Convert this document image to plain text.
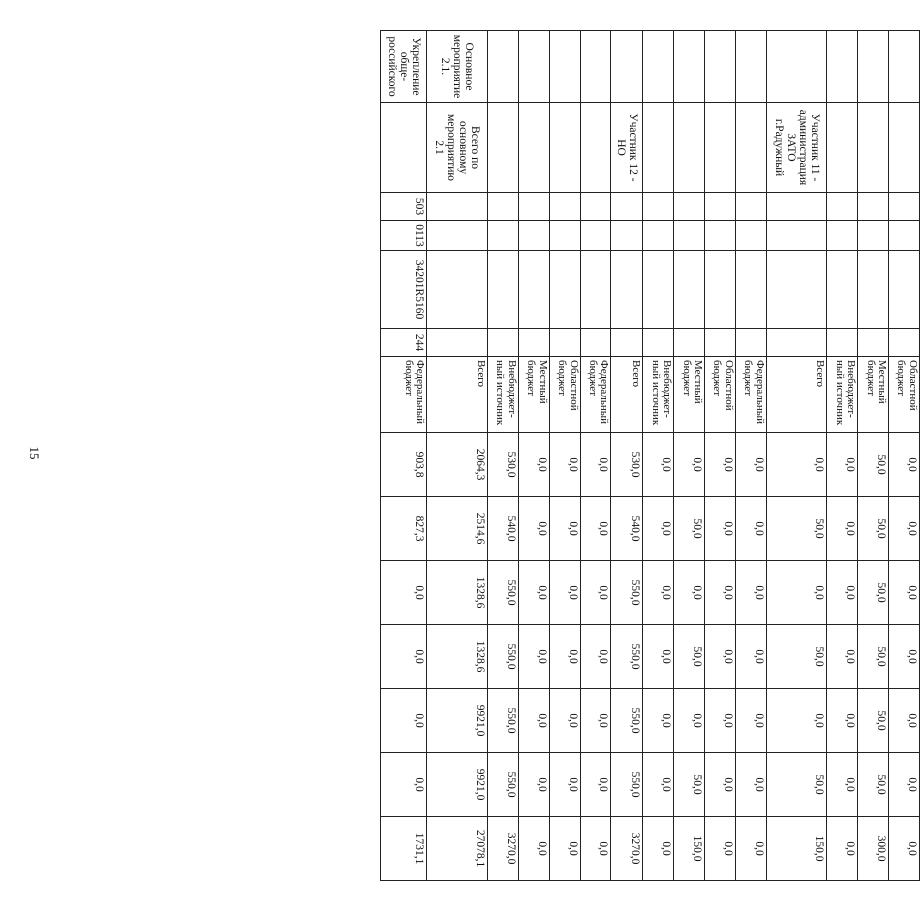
15
						Областной бюджет	0,0	0,0	0,0	0,0	0,0	0,0	0,0
						Местный бюджет	50,0	50,0	50,0	50,0	50,0	50,0	300,0
						Внебюджет-ный источник	0,0	0,0	0,0	0,0	0,0	0,0	0,0
	Участник 11 - администрация ЗАТО г.Радужный					Всего	0,0	50,0	0,0	50,0	0,0	50,0	150,0
						Федеральный бюджет	0,0	0,0	0,0	0,0	0,0	0,0	0,0
						Областной бюджет	0,0	0,0	0,0	0,0	0,0	0,0	0,0
						Местный бюджет	0,0	50,0	0,0	50,0	0,0	50,0	150,0
						Внебюджет-ный источник	0,0	0,0	0,0	0,0	0,0	0,0	0,0
	Участник 12 - НО					Всего	530,0	540,0	550,0	550,0	550,0	550,0	3270,0
						Федеральный бюджет	0,0	0,0	0,0	0,0	0,0	0,0	0,0
						Областной бюджет	0,0	0,0	0,0	0,0	0,0	0,0	0,0
						Местный бюджет	0,0	0,0	0,0	0,0	0,0	0,0	0,0
						Внебюджет-ный источник	530,0	540,0	550,0	550,0	550,0	550,0	3270,0
Основное мероприятие 2.1.	Всего по основному мероприятию 2.1					Всего	2064,3	2514,6	1328,6	1328,6	9921,0	9921,0	27078,1
Укрепление обще-российского		503	0113	34201R5160	244	Федеральный бюджет	903,8	827,3	0,0	0,0	0,0	0,0	1731,1
